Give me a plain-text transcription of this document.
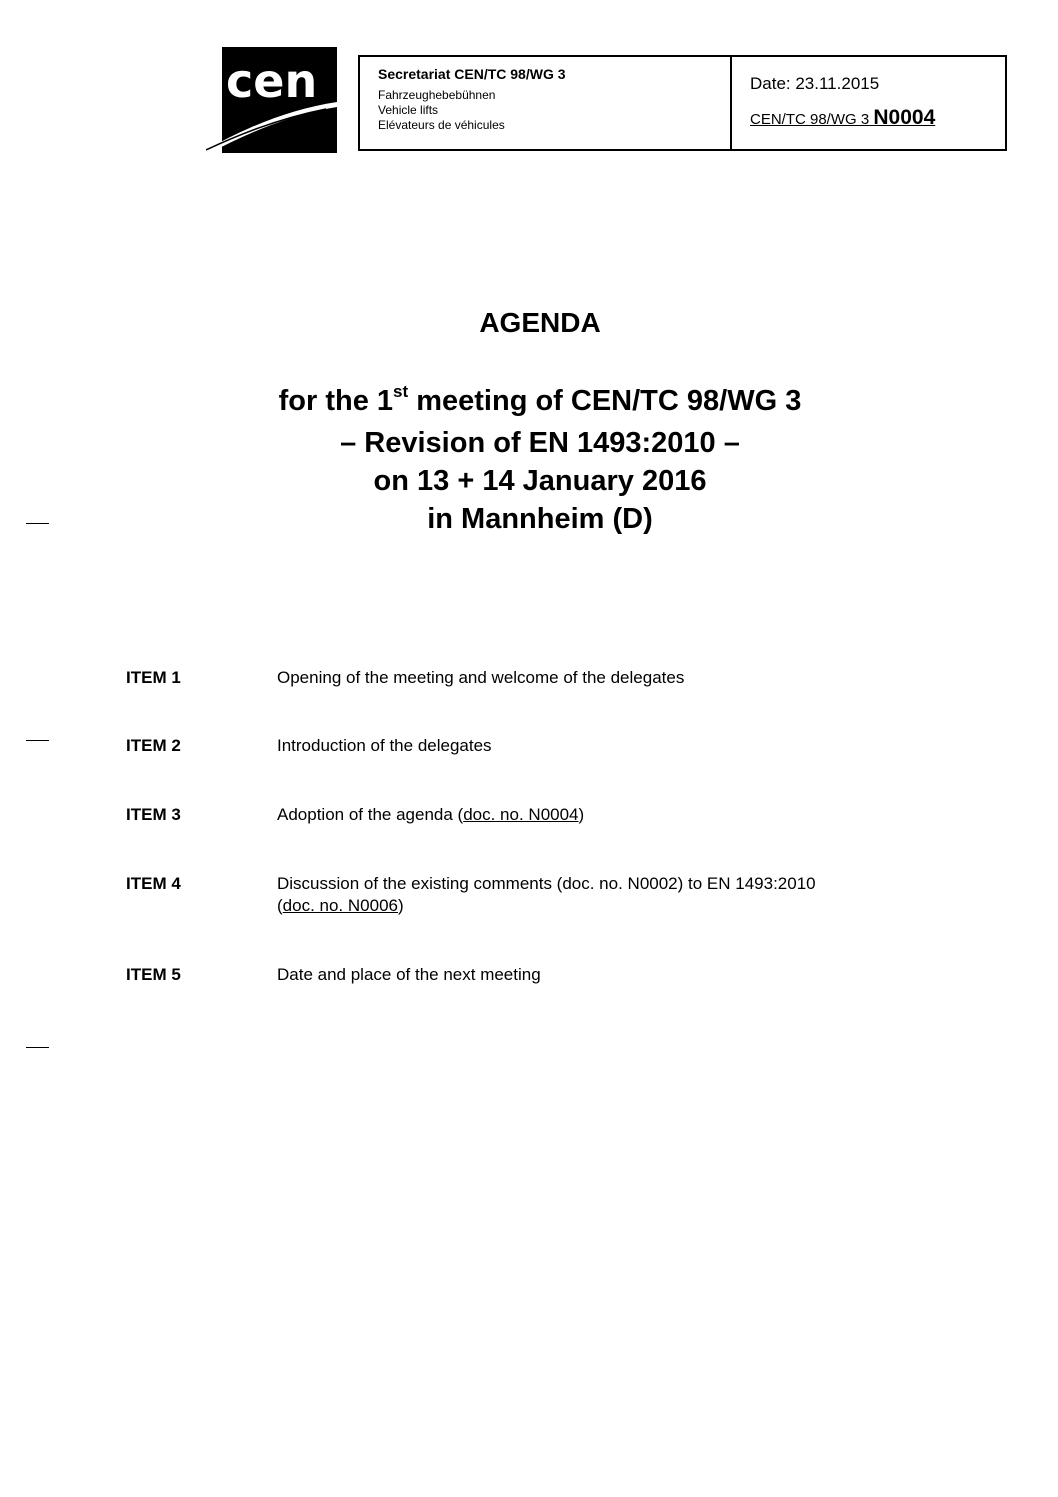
cen	Secretariat CEN/TC 98/WG 3
Fahrzeughebebühnen
Vehicle lifts
Elévateurs de véhicules
Date: 23.11.2015
CEN/TC 98/WG 3 N0004
AGENDA
for the 1st meeting of CEN/TC 98/WG 3
– Revision of EN 1493:2010 –
on 13 + 14 January 2016
in Mannheim (D)
ITEM 1	Opening of the meeting and welcome of the delegates
ITEM 2	Introduction of the delegates
ITEM 3	Adoption of the agenda (doc. no. N0004)
ITEM 4	Discussion of the existing comments (doc. no. N0002) to EN 1493:2010
(doc. no. N0006)
ITEM 5	Date and place of the next meeting
